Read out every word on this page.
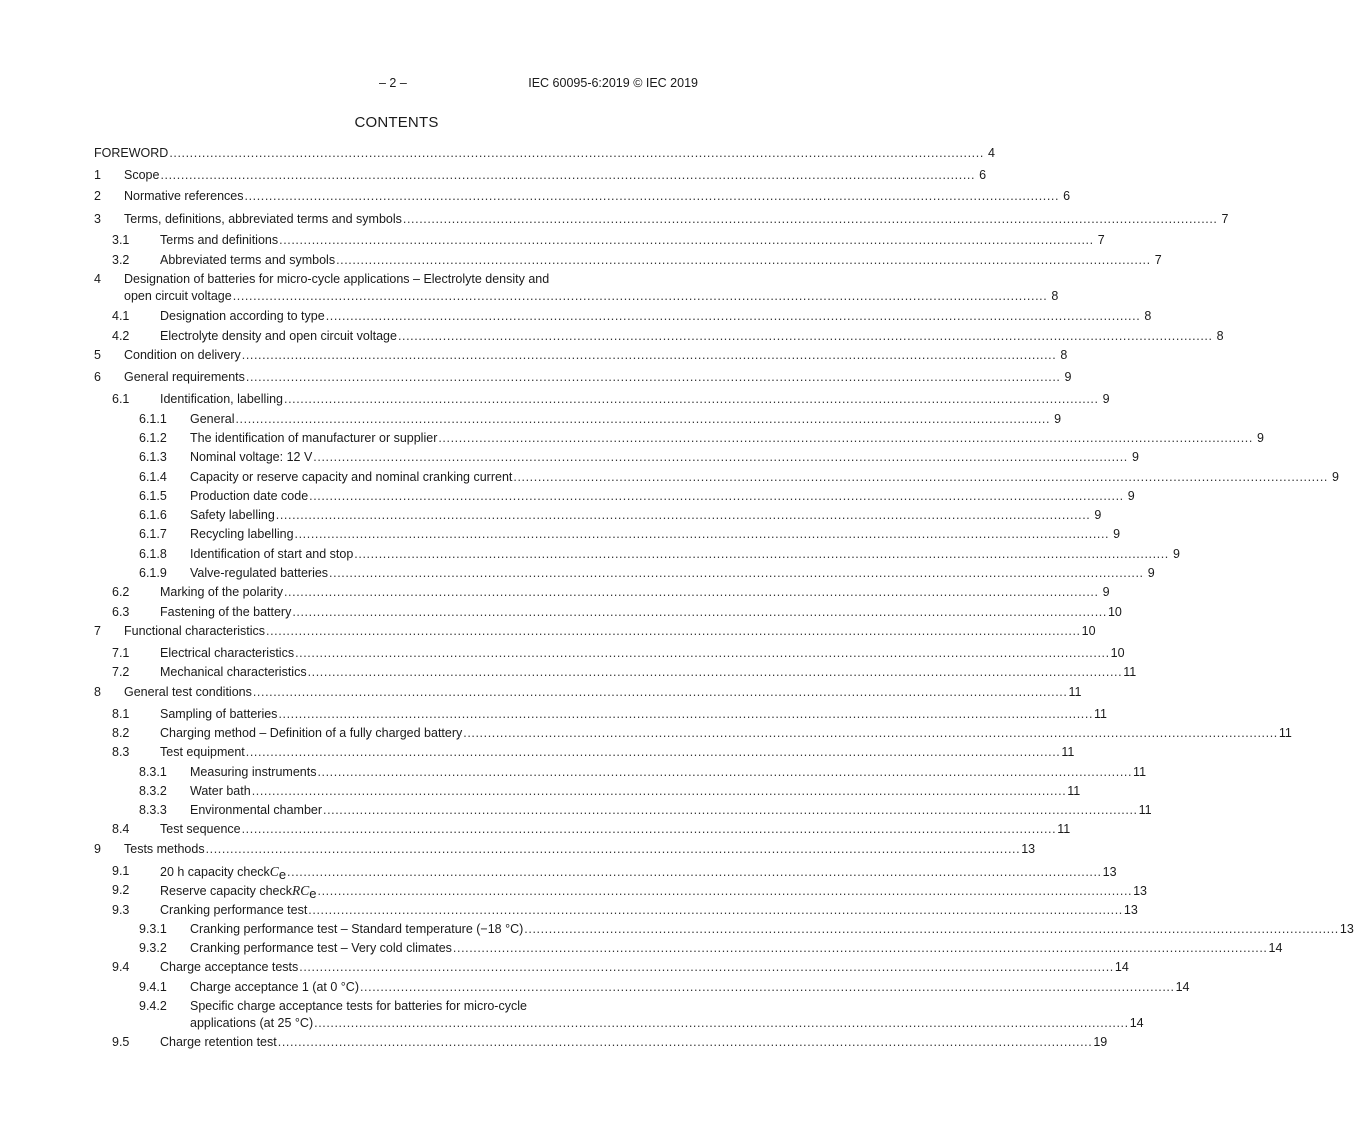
– 2 –	IEC 60095-6:2019 © IEC 2019
CONTENTS
FOREWORD ........................................................................................................................................................................................................ 4
1 Scope ........................................................................................................................................................................................................ 6
2 Normative references ........................................................................................................................................................................................................ 6
3 Terms, definitions, abbreviated terms and symbols ........................................................................................................................................................................................................ 7
3.1 Terms and definitions ........................................................................................................................................................................................................ 7
3.2 Abbreviated terms and symbols ........................................................................................................................................................................................................ 7
4 Designation of batteries for micro-cycle applications – Electrolyte density and
open circuit voltage ........................................................................................................................................................................................................ 8
4.1 Designation according to type ........................................................................................................................................................................................................ 8
4.2 Electrolyte density and open circuit voltage ........................................................................................................................................................................................................ 8
5 Condition on delivery ........................................................................................................................................................................................................ 8
6 General requirements ........................................................................................................................................................................................................ 9
6.1 Identification, labelling ........................................................................................................................................................................................................ 9
6.1.1 General ........................................................................................................................................................................................................ 9
6.1.2 The identification of manufacturer or supplier ........................................................................................................................................................................................................ 9
6.1.3 Nominal voltage: 12 V ........................................................................................................................................................................................................ 9
6.1.4 Capacity or reserve capacity and nominal cranking current ........................................................................................................................................................................................................ 9
6.1.5 Production date code ........................................................................................................................................................................................................ 9
6.1.6 Safety labelling ........................................................................................................................................................................................................ 9
6.1.7 Recycling labelling ........................................................................................................................................................................................................ 9
6.1.8 Identification of start and stop ........................................................................................................................................................................................................ 9
6.1.9 Valve-regulated batteries ........................................................................................................................................................................................................ 9
6.2 Marking of the polarity ........................................................................................................................................................................................................ 9
6.3 Fastening of the battery ........................................................................................................................................................................................................ 10
7 Functional characteristics ........................................................................................................................................................................................................ 10
7.1 Electrical characteristics ........................................................................................................................................................................................................ 10
7.2 Mechanical characteristics ........................................................................................................................................................................................................ 11
8 General test conditions ........................................................................................................................................................................................................ 11
8.1 Sampling of batteries ........................................................................................................................................................................................................ 11
8.2 Charging method – Definition of a fully charged battery ........................................................................................................................................................................................................ 11
8.3 Test equipment ........................................................................................................................................................................................................ 11
8.3.1 Measuring instruments ........................................................................................................................................................................................................ 11
8.3.2 Water bath ........................................................................................................................................................................................................ 11
8.3.3 Environmental chamber ........................................................................................................................................................................................................ 11
8.4 Test sequence ........................................................................................................................................................................................................ 11
9 Tests methods ........................................................................................................................................................................................................ 13
9.1 20 h capacity check Ce ........................................................................................................................................................................................................ 13
9.2 Reserve capacity check RCe ........................................................................................................................................................................................................ 13
9.3 Cranking performance test ........................................................................................................................................................................................................ 13
9.3.1 Cranking performance test – Standard temperature (−18 °C) ........................................................................................................................................................................................................ 13
9.3.2 Cranking performance test – Very cold climates ........................................................................................................................................................................................................ 14
9.4 Charge acceptance tests ........................................................................................................................................................................................................ 14
9.4.1 Charge acceptance 1 (at 0 °C) ........................................................................................................................................................................................................ 14
9.4.2 Specific charge acceptance tests for batteries for micro-cycle
applications (at 25 °C) ........................................................................................................................................................................................................ 14
9.5 Charge retention test ........................................................................................................................................................................................................ 19
